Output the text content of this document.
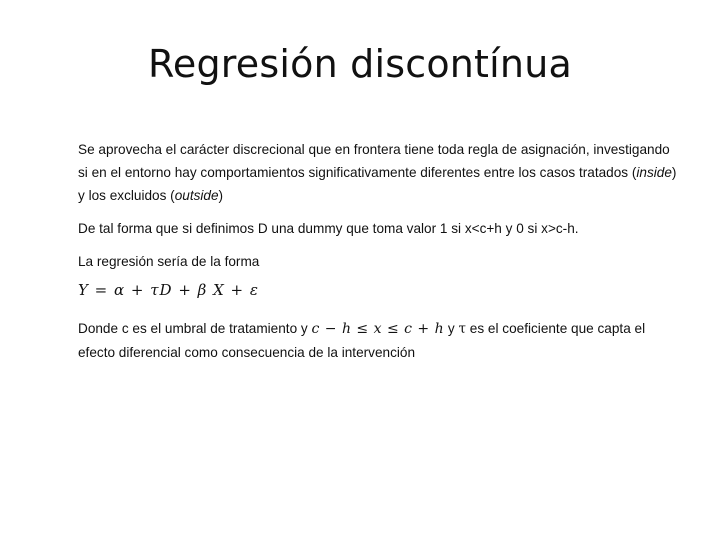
Regresión discontínua

Se aprovecha el carácter discrecional que en frontera tiene toda regla de asignación, investigando si en el entorno hay comportamientos significativamente diferentes entre los casos tratados (inside) y los excluidos (outside)

De tal forma que si definimos D una dummy que toma valor 1 si x<c+h y 0 si x>c-h.

La regresión sería de la forma

Y = α + τD + β X + ε

Donde c es el umbral de tratamiento y c − h ≤ x ≤ c + h y τ es el coeficiente que capta el efecto diferencial como consecuencia de la intervención
